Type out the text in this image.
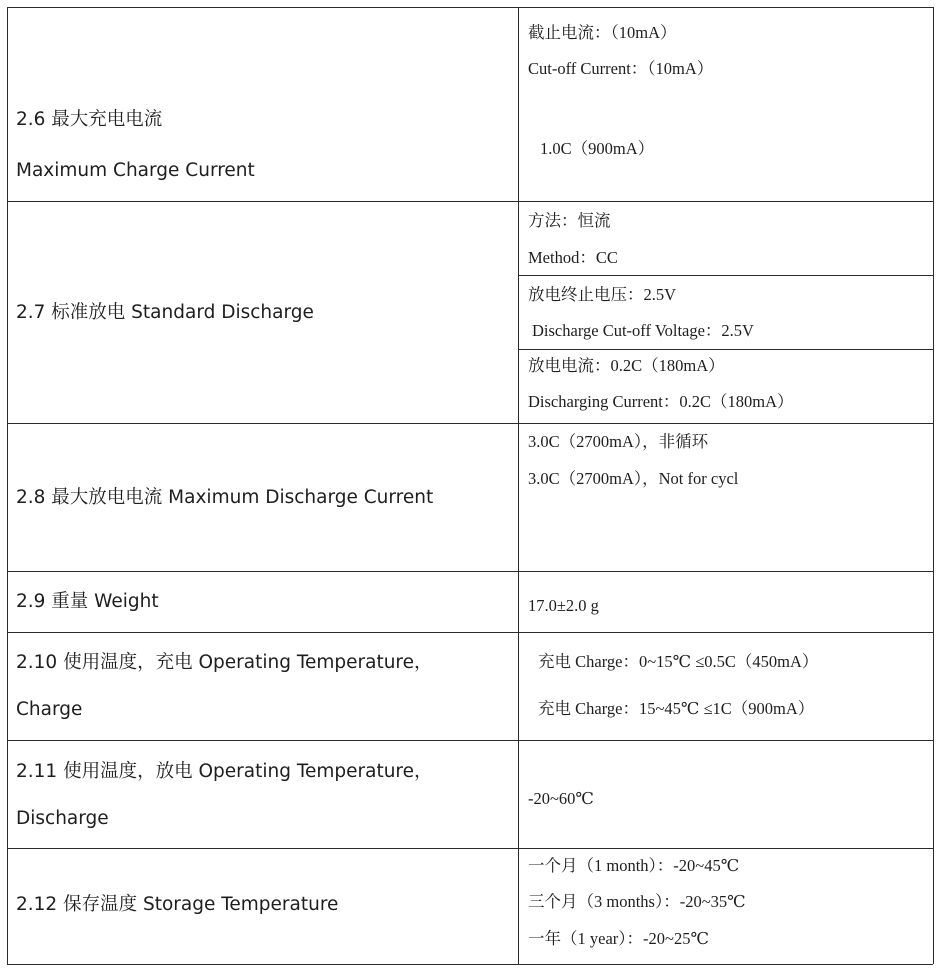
2.6 最大充电电流
Maximum Charge Current
截止电流：（10mA）
Cut-off Current：（10mA）
1.0C（900mA）
2.7 标准放电 Standard Discharge
方法：恒流
Method：CC
放电终止电压：2.5V
Discharge Cut-off Voltage：2.5V
放电电流：0.2C（180mA）
Discharging Current：0.2C（180mA）
2.8 最大放电电流 Maximum Discharge Current
3.0C（2700mA），非循环
3.0C（2700mA），Not for cycl
2.9 重量 Weight	17.0±2.0 g
2.10 使用温度，充电 Operating Temperature，
Charge
充电 Charge：0~15℃ ≤0.5C（450mA）
充电 Charge：15~45℃ ≤1C（900mA）
2.11 使用温度，放电 Operating Temperature，
Discharge
-20~60℃
2.12 保存温度 Storage Temperature
一个月（1 month）：-20~45℃
三个月（3 months）：-20~35℃
一年（1 year）：-20~25℃
